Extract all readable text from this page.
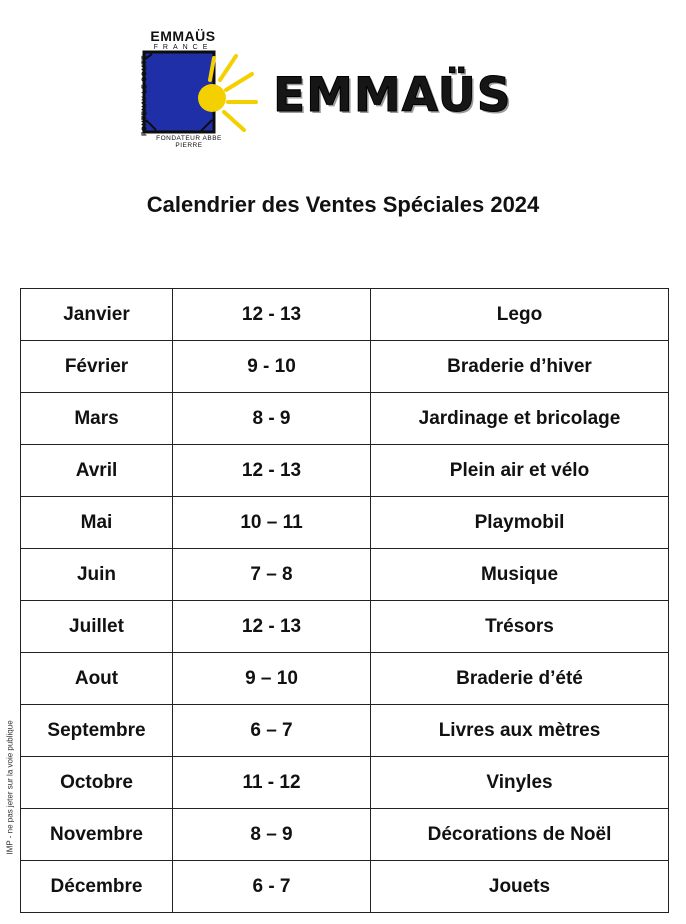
EMMAÜS
FRANCE
FONTENAY LE COMTE
FONDATEUR ABBE PIERRE
EMMAÜS
Calendrier des Ventes Spéciales 2024
IMP - ne pas jeter sur la voie publique
Janvier	12 - 13	Lego
Février	9 - 10	Braderie d’hiver
Mars	8 - 9	Jardinage et bricolage
Avril	12 - 13	Plein air et vélo
Mai	10 – 11	Playmobil
Juin	7 – 8	Musique
Juillet	12 - 13	Trésors
Aout	9 – 10	Braderie d’été
Septembre	6 – 7	Livres aux mètres
Octobre	11 - 12	Vinyles
Novembre	8 – 9	Décorations de Noël
Décembre	6 - 7	Jouets
